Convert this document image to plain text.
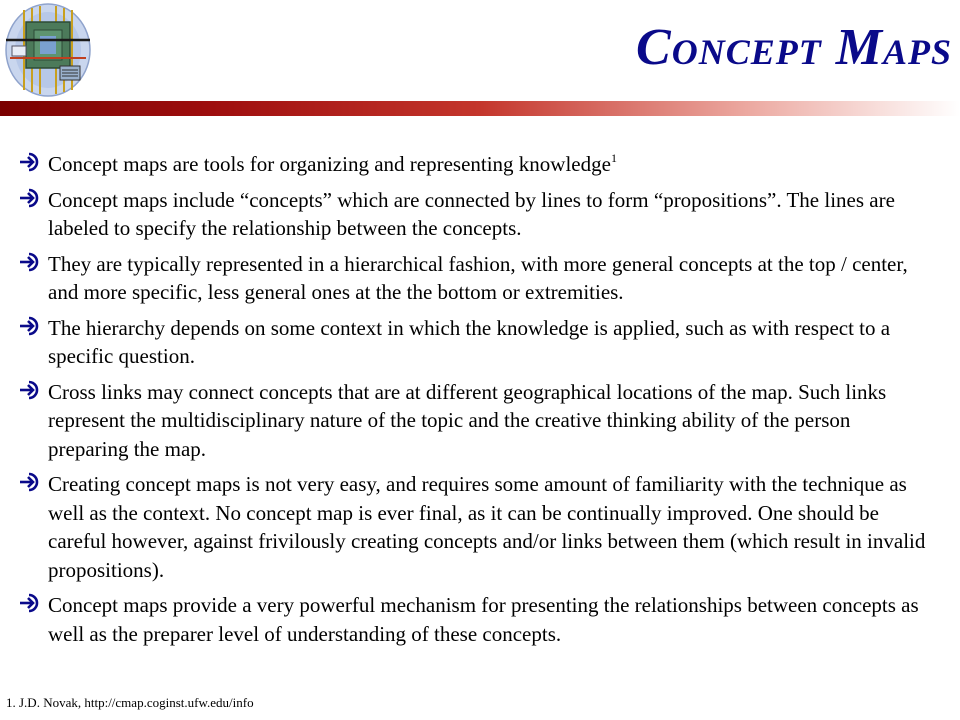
Concept Maps
Concept maps are tools for organizing and representing knowledge$^1$
Concept maps include “concepts” which are connected by lines to form “propositions”. The lines are labeled to specify the relationship between the concepts.
They are typically represented in a hierarchical fashion, with more general concepts at the top / center, and more specific, less general ones at the the bottom or extremities.
The hierarchy depends on some context in which the knowledge is applied, such as with respect to a specific question.
Cross links may connect concepts that are at different geographical locations of the map. Such links represent the multidisciplinary nature of the topic and the creative thinking ability of the person preparing the map.
Creating concept maps is not very easy, and requires some amount of familiarity with the technique as well as the context. No concept map is ever final, as it can be continually improved. One should be careful however, against frivilously creating concepts and/or links between them (which result in invalid propositions).
Concept maps provide a very powerful mechanism for presenting the relationships between concepts as well as the preparer level of understanding of these concepts.
1. J.D. Novak, http://cmap.coginst.ufw.edu/info
